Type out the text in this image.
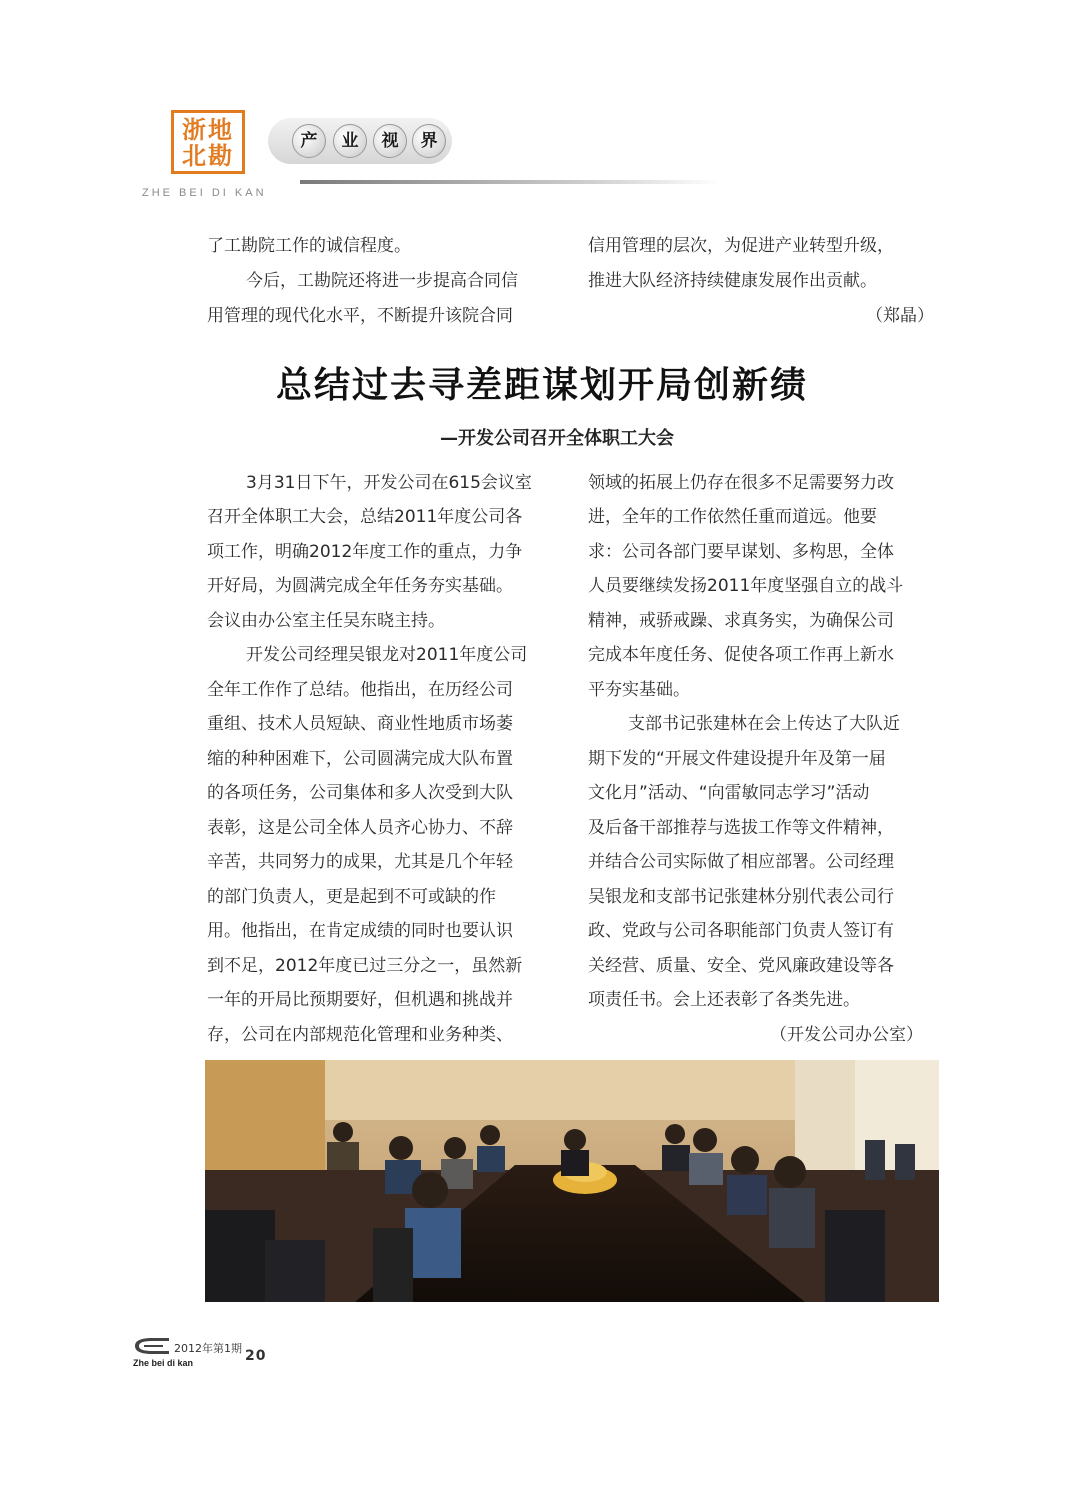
浙 地
北 勘
ZHE BEI DI KAN
产	业	视	界
了工勘院工作的诚信程度。
今后，工勘院还将进一步提高合同信
用管理的现代化水平，不断提升该院合同
信用管理的层次，为促进产业转型升级，
推进大队经济持续健康发展作出贡献。
（郑晶）
总结过去寻差距谋划开局创新绩
—开发公司召开全体职工大会
3月31日下午，开发公司在615会议室
召开全体职工大会，总结2011年度公司各
项工作，明确2012年度工作的重点，力争
开好局，为圆满完成全年任务夯实基础。
会议由办公室主任吴东晓主持。
开发公司经理吴银龙对2011年度公司
全年工作作了总结。他指出，在历经公司
重组、技术人员短缺、商业性地质市场萎
缩的种种困难下，公司圆满完成大队布置
的各项任务，公司集体和多人次受到大队
表彰，这是公司全体人员齐心协力、不辞
辛苦，共同努力的成果，尤其是几个年轻
的部门负责人，更是起到不可或缺的作
用。他指出，在肯定成绩的同时也要认识
到不足，2012年度已过三分之一，虽然新
一年的开局比预期要好，但机遇和挑战并
存，公司在内部规范化管理和业务种类、
领域的拓展上仍存在很多不足需要努力改
进，全年的工作依然任重而道远。他要
求：公司各部门要早谋划、多构思，全体
人员要继续发扬2011年度坚强自立的战斗
精神，戒骄戒躁、求真务实，为确保公司
完成本年度任务、促使各项工作再上新水
平夯实基础。
支部书记张建林在会上传达了大队近
期下发的“开展文件建设提升年及第一届
文化月”活动、“向雷敏同志学习”活动
及后备干部推荐与选拔工作等文件精神，
并结合公司实际做了相应部署。公司经理
吴银龙和支部书记张建林分别代表公司行
政、党政与公司各职能部门负责人签订有
关经营、质量、安全、党风廉政建设等各
项责任书。会上还表彰了各类先进。
（开发公司办公室）
2012年第1期 20
Zhe bei di kan
